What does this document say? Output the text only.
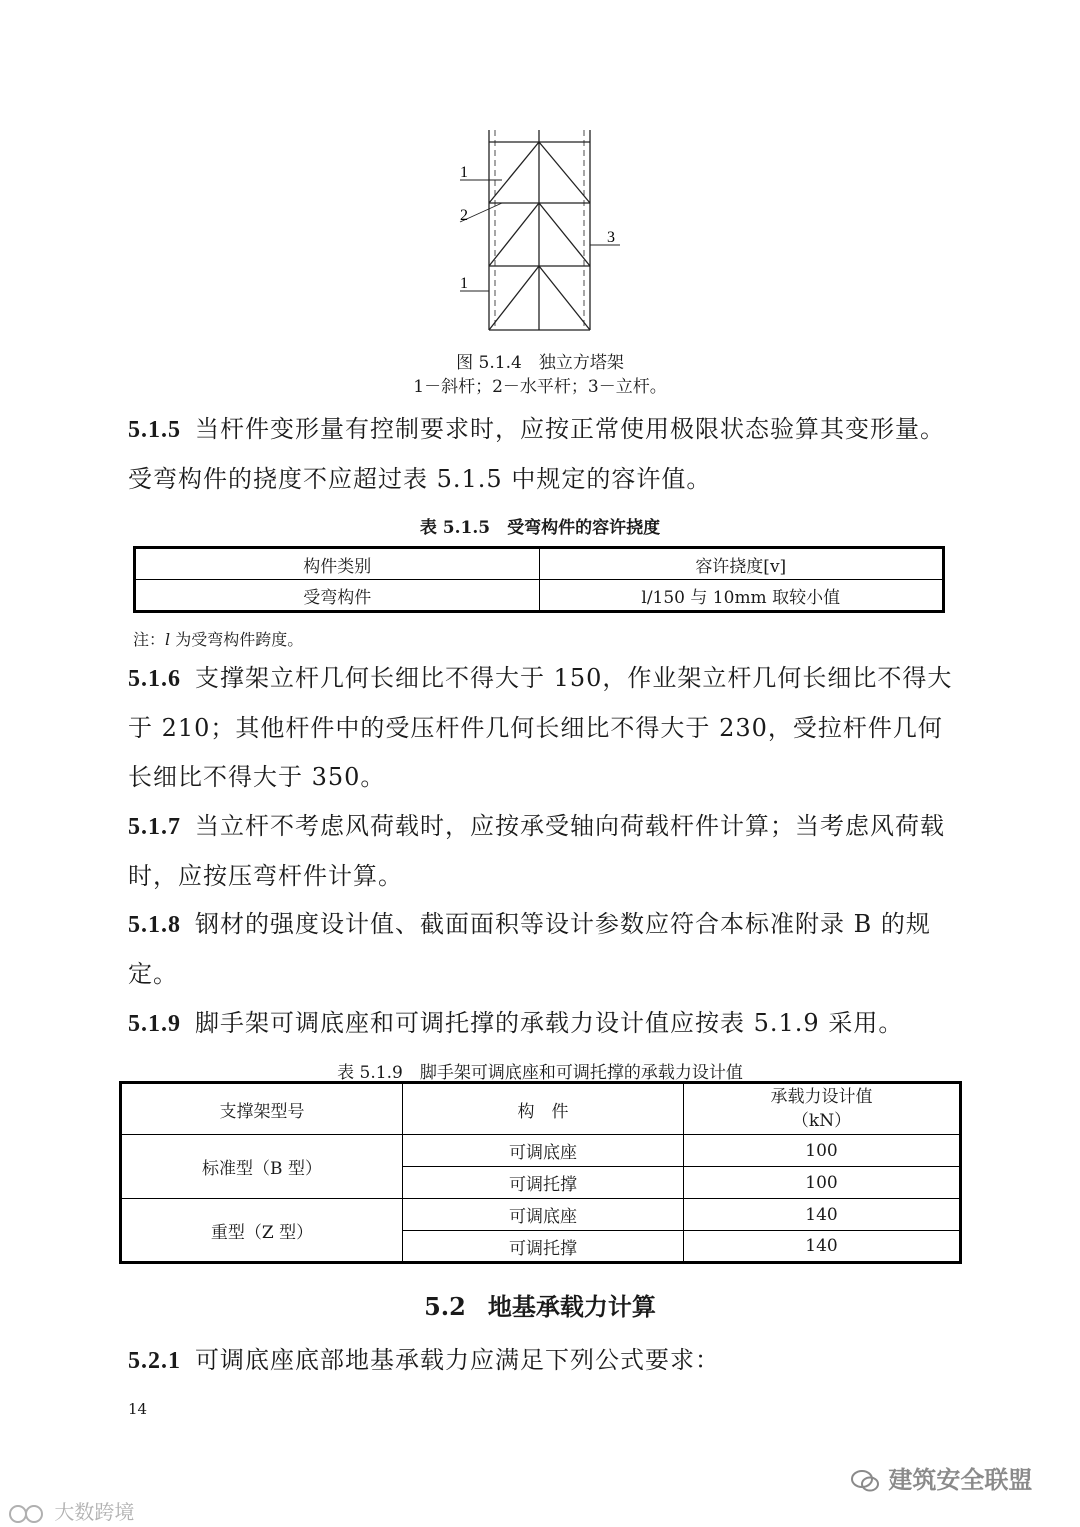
1
2
3
1
图 5.1.4　独立方塔架
1－斜杆；2－水平杆；3－立杆。
5.1.5 当杆件变形量有控制要求时，应按正常使用极限状态验算其变形量。受弯构件的挠度不应超过表 5.1.5 中规定的容许值。
表 5.1.5　受弯构件的容许挠度
构件类别	容许挠度[v]
受弯构件	l/150 与 10mm 取较小值
注：l 为受弯构件跨度。
5.1.6 支撑架立杆几何长细比不得大于 150，作业架立杆几何长细比不得大于 210；其他杆件中的受压杆件几何长细比不得大于 230，受拉杆件几何长细比不得大于 350。
5.1.7 当立杆不考虑风荷载时，应按承受轴向荷载杆件计算；当考虑风荷载时，应按压弯杆件计算。
5.1.8 钢材的强度设计值、截面面积等设计参数应符合本标准附录 B 的规定。
5.1.9 脚手架可调底座和可调托撑的承载力设计值应按表 5.1.9 采用。
表 5.1.9　脚手架可调底座和可调托撑的承载力设计值
支撑架型号	构　件	承载力设计值
（kN）

标准型（B 型）	可调底座	100
	可调托撑	100
重型（Z 型）	可调底座	140
	可调托撑	140
5.2 地基承载力计算
5.2.1 可调底座底部地基承载力应满足下列公式要求：
14
建筑安全联盟
大数跨境
